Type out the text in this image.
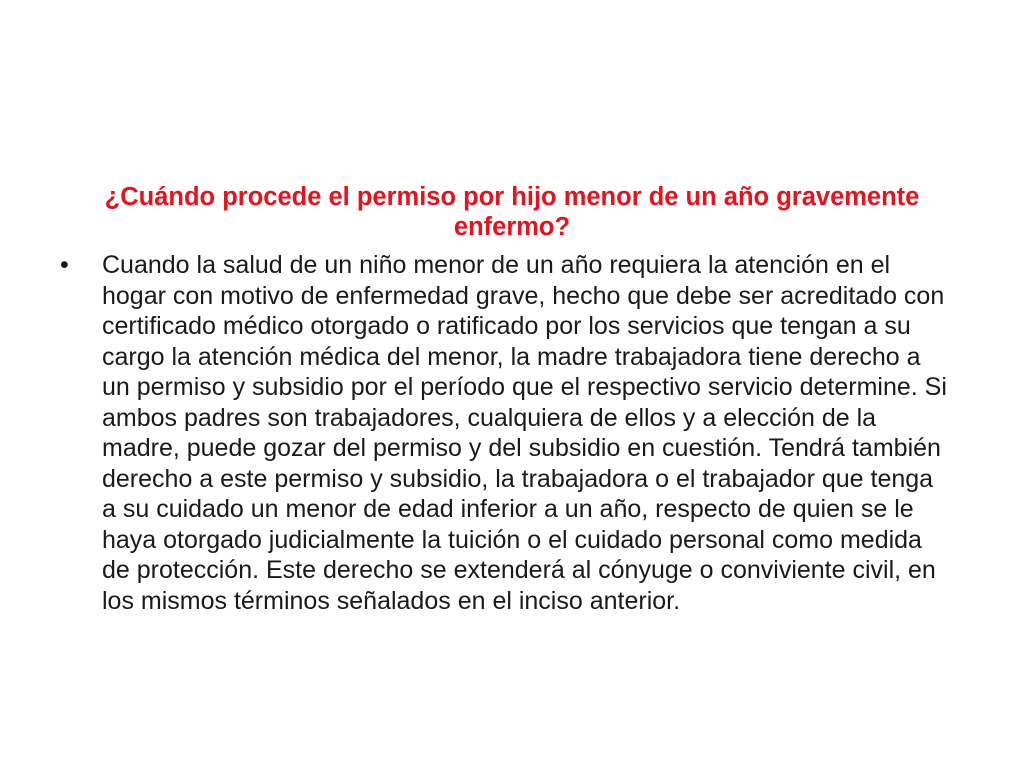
¿Cuándo procede el permiso por hijo menor de un año gravemente enfermo?
• Cuando la salud de un niño menor de un año requiera la atención en el hogar con motivo de enfermedad grave, hecho que debe ser acreditado con certificado médico otorgado o ratificado por los servicios que tengan a su cargo la atención médica del menor, la madre trabajadora tiene derecho a un permiso y subsidio por el período que el respectivo servicio determine. Si ambos padres son trabajadores, cualquiera de ellos y a elección de la madre, puede gozar del permiso y del subsidio en cuestión. Tendrá también derecho a este permiso y subsidio, la trabajadora o el trabajador que tenga a su cuidado un menor de edad inferior a un año, respecto de quien se le haya otorgado judicialmente la tuición o el cuidado personal como medida de protección. Este derecho se extenderá al cónyuge o conviviente civil, en los mismos términos señalados en el inciso anterior.
